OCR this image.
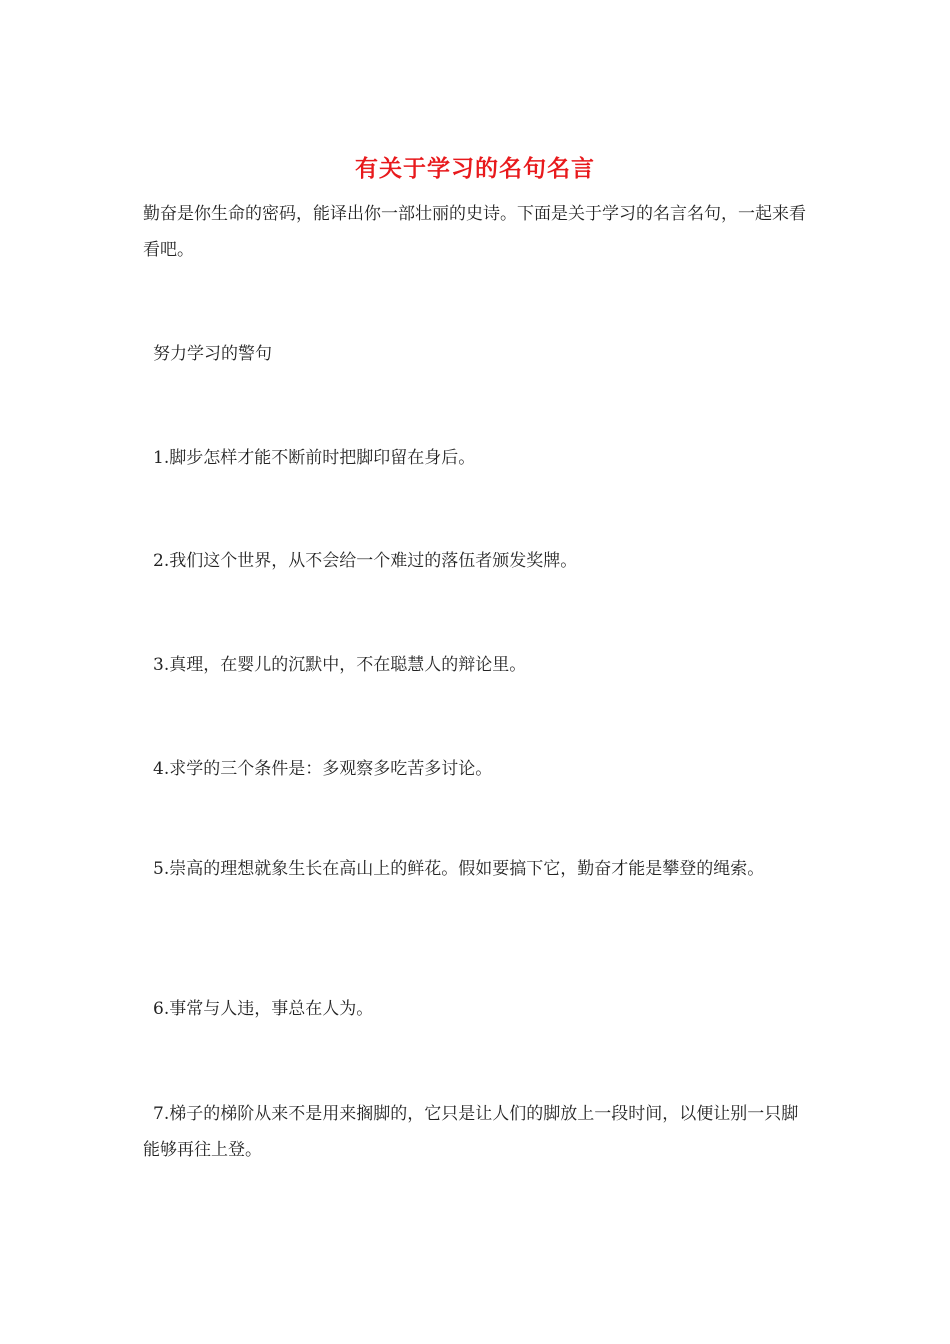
有关于学习的名句名言
勤奋是你生命的密码，能译出你一部壮丽的史诗。下面是关于学习的名言名句，一起来看看吧。
努力学习的警句
1.脚步怎样才能不断前时把脚印留在身后。
2.我们这个世界，从不会给一个难过的落伍者颁发奖牌。
3.真理，在婴儿的沉默中，不在聪慧人的辩论里。
4.求学的三个条件是：多观察多吃苦多讨论。
5.崇高的理想就象生长在高山上的鲜花。假如要搞下它，勤奋才能是攀登的绳索。
6.事常与人违，事总在人为。
7.梯子的梯阶从来不是用来搁脚的，它只是让人们的脚放上一段时间，以便让别一只脚能够再往上登。
